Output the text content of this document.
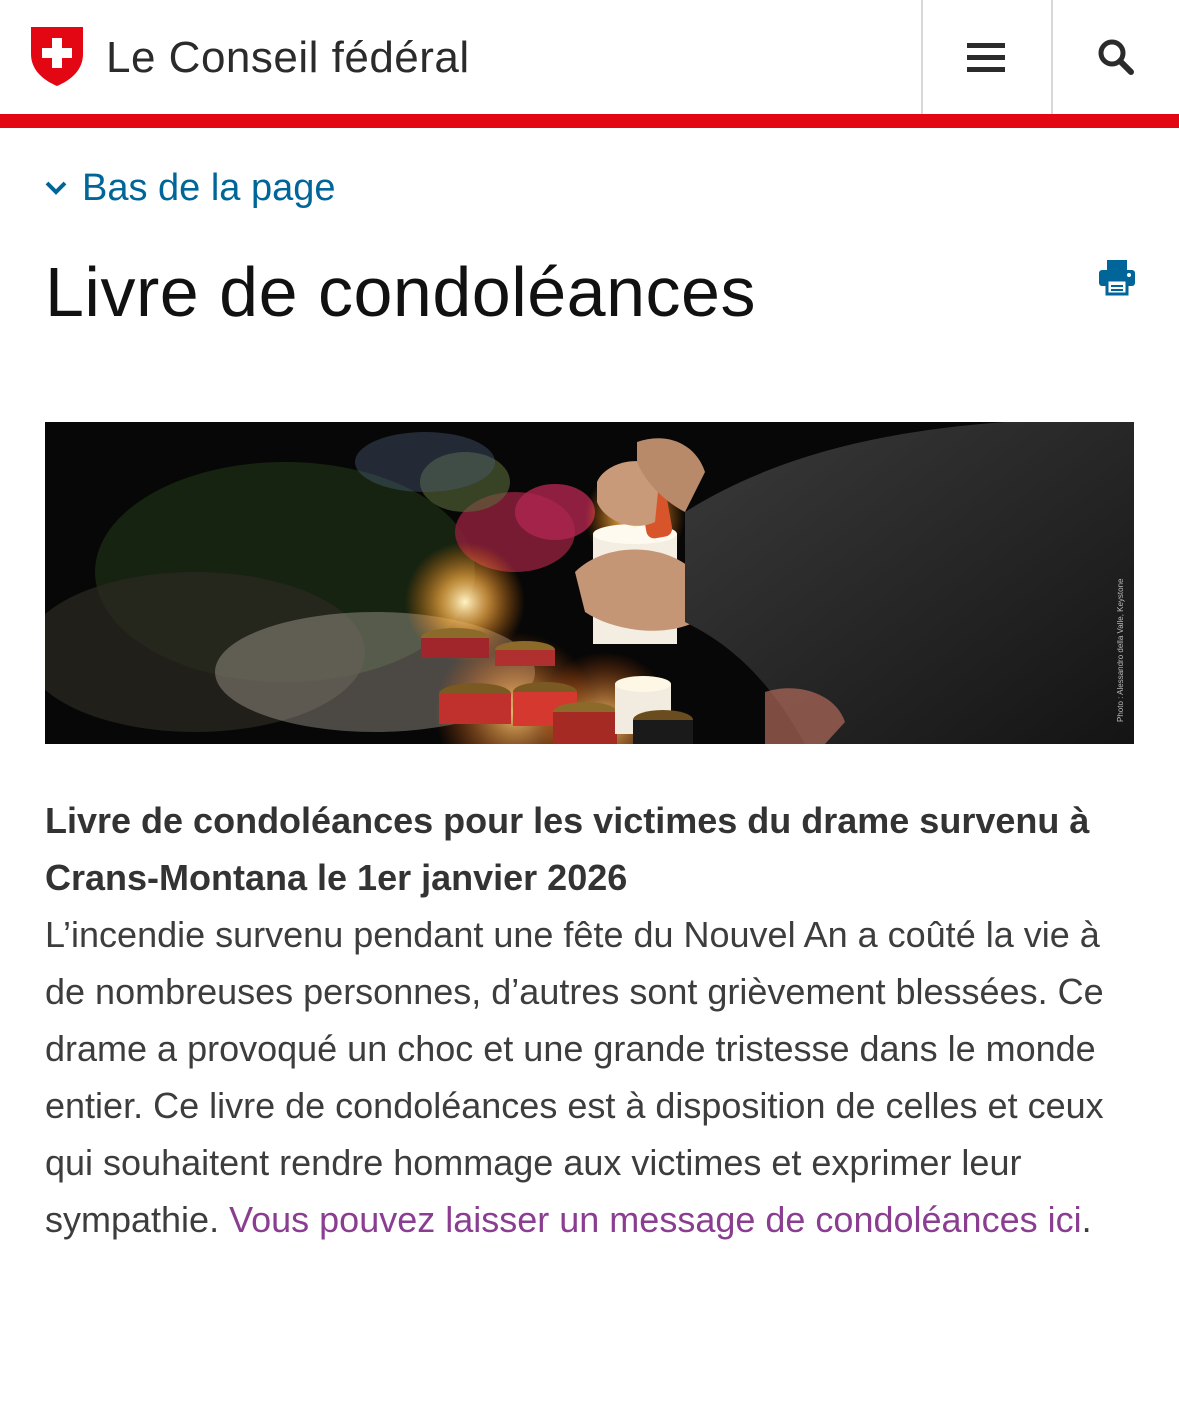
Le Conseil fédéral
Bas de la page
Livre de condoléances
Photo : Alessandro della Valle, Keystone
Livre de condoléances pour les victimes du drame survenu à Crans-Montana le 1er janvier 2026
L’incendie survenu pendant une fête du Nouvel An a coûté la vie à de nombreuses personnes, d’autres sont grièvement blessées. Ce drame a provoqué un choc et une grande tristesse dans le monde entier. Ce livre de condoléances est à disposition de celles et ceux qui souhaitent rendre hommage aux victimes et exprimer leur sympathie. Vous pouvez laisser un message de condoléances ici.
